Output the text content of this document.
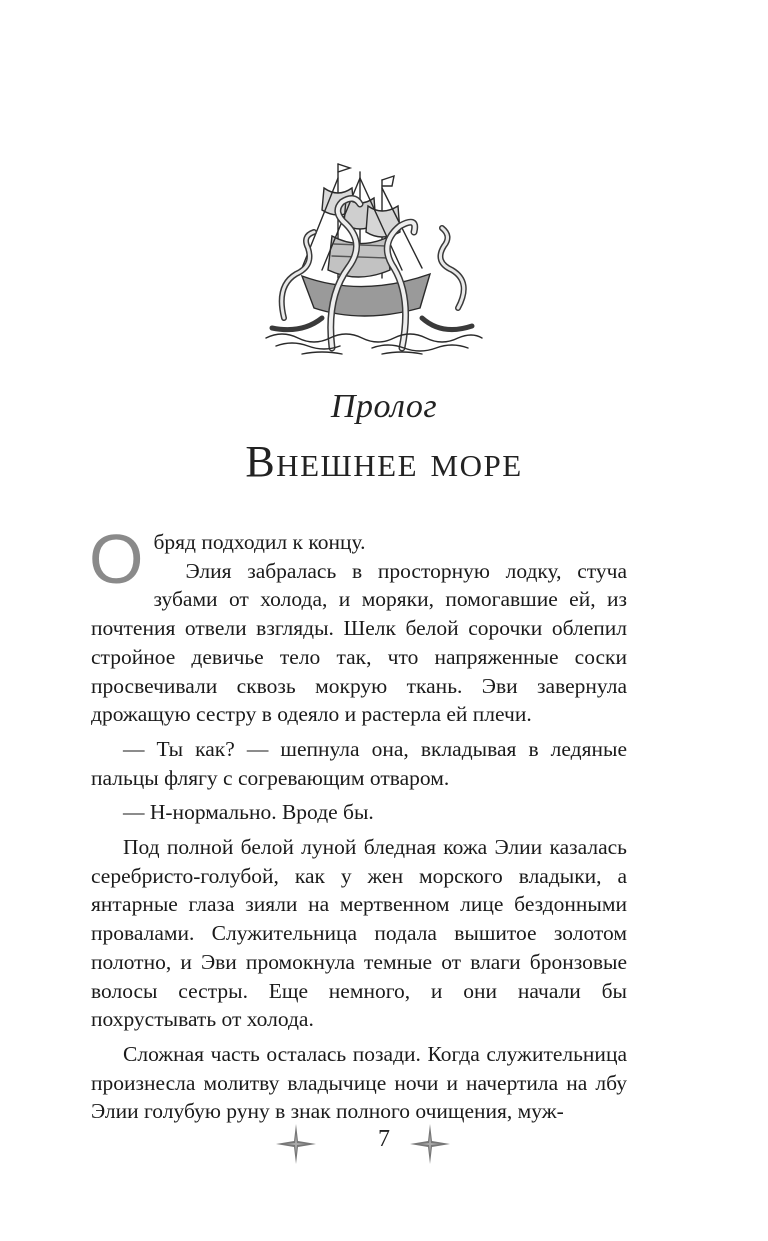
Пролог
Внешнее море

Обряд подходил к концу.

Элия забралась в просторную лодку, стуча зубами от холода, и моряки, помогавшие ей, из почтения отвели взгляды. Шелк белой сорочки облепил стройное девичье тело так, что напряженные соски просвечивали сквозь мокрую ткань. Эви завернула дрожащую сестру в одеяло и растерла ей плечи.

— Ты как? — шепнула она, вкладывая в ледяные пальцы флягу с согревающим отваром.

— Н-нормально. Вроде бы.

Под полной белой луной бледная кожа Элии казалась серебристо-голубой, как у жен морского владыки, а янтарные глаза зияли на мертвенном лице бездонными провалами. Служительница подала вышитое золотом полотно, и Эви промокнула темные от влаги бронзовые волосы сестры. Еще немного, и они начали бы похрустывать от холода.

Сложная часть осталась позади. Когда служительница произнесла молитву владычице ночи и начертила на лбу Элии голубую руну в знак полного очищения, муж-

7
